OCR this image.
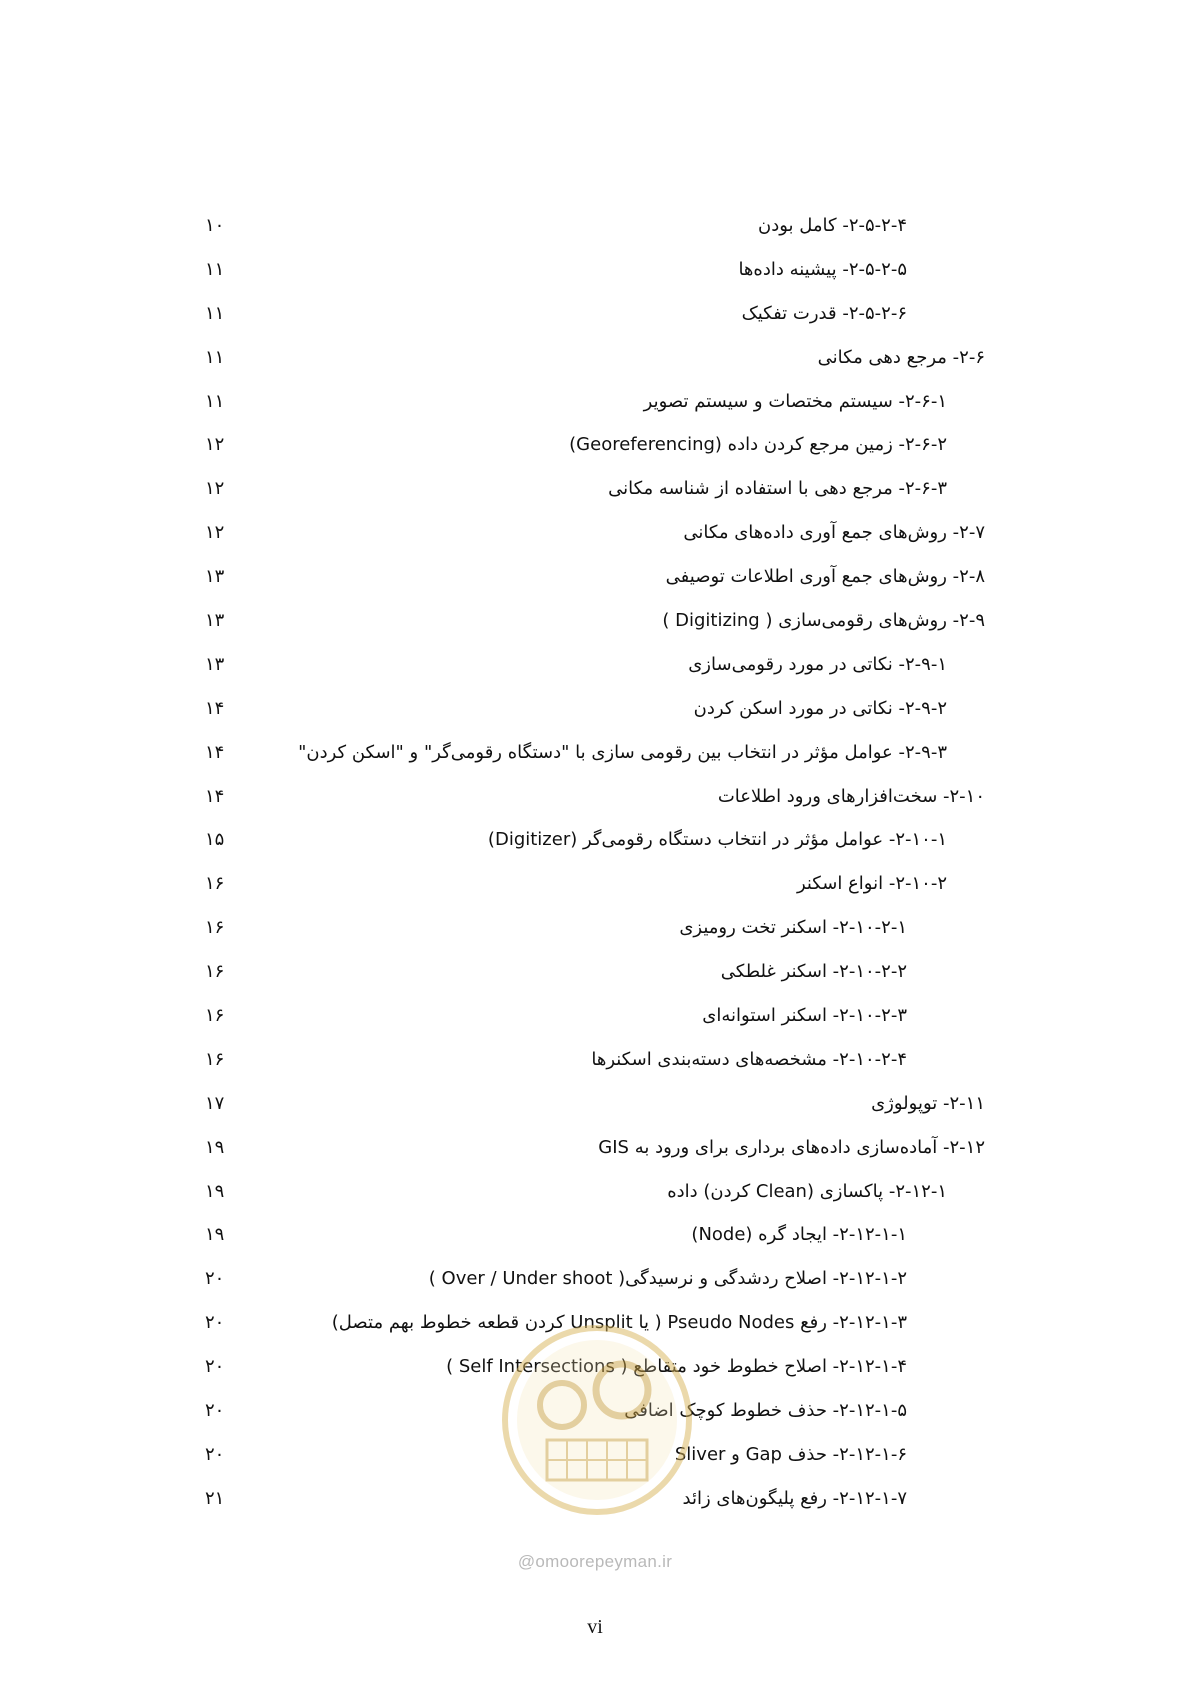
۲-۵-۲-۴- کامل بودن
۱۰
۲-۵-۲-۵- پیشینه داده‌ها
۱۱
۲-۵-۲-۶- قدرت تفکیک
۱۱
۲-۶- مرجع دهی مکانی
۱۱
۲-۶-۱- سیستم مختصات و سیستم تصویر
۱۱
۲-۶-۲- زمین مرجع کردن داده (Georeferencing)
۱۲
۲-۶-۳- مرجع دهی با استفاده از شناسه مکانی
۱۲
۲-۷- روش‌های جمع آوری داده‌های مکانی
۱۲
۲-۸- روش‌های جمع آوری اطلاعات توصیفی
۱۳
۲-۹- روش‌های رقومی‌سازی ( Digitizing )
۱۳
۲-۹-۱- نکاتی در مورد رقومی‌سازی
۱۳
۲-۹-۲- نکاتی در مورد اسکن کردن
۱۴
۲-۹-۳- عوامل مؤثر در انتخاب بین رقومی سازی با "دستگاه رقومی‌گر" و "اسکن کردن"
۱۴
۲-۱۰- سخت‌افزارهای ورود اطلاعات
۱۴
۲-۱۰-۱- عوامل مؤثر در انتخاب دستگاه رقومی‌گر (Digitizer)
۱۵
۲-۱۰-۲- انواع اسکنر
۱۶
۲-۱۰-۲-۱- اسکنر تخت رومیزی
۱۶
۲-۱۰-۲-۲- اسکنر غلطکی
۱۶
۲-۱۰-۲-۳- اسکنر استوانه‌ای
۱۶
۲-۱۰-۲-۴- مشخصه‌های دسته‌بندی اسکنرها
۱۶
۲-۱۱- توپولوژی
۱۷
۲-۱۲- آماده‌سازی داده‌های برداری برای ورود به GIS
۱۹
۲-۱۲-۱- پاکسازی (Clean کردن) داده
۱۹
۲-۱۲-۱-۱- ایجاد گره (Node)
۱۹
۲-۱۲-۱-۲- اصلاح ردشدگی و نرسیدگی( Over / Under shoot )
۲۰
۲-۱۲-۱-۳- رفع Pseudo Nodes ( یا Unsplit کردن قطعه خطوط بهم متصل)
۲۰
۲-۱۲-۱-۴- اصلاح خطوط خود متقاطع ( Self Intersections )
۲۰
۲-۱۲-۱-۵- حذف خطوط کوچک اضافی
۲۰
۲-۱۲-۱-۶- حذف Gap و Sliver
۲۰
۲-۱۲-۱-۷- رفع پلیگون‌های زائد
۲۱
@omoorepeyman.ir
vi
